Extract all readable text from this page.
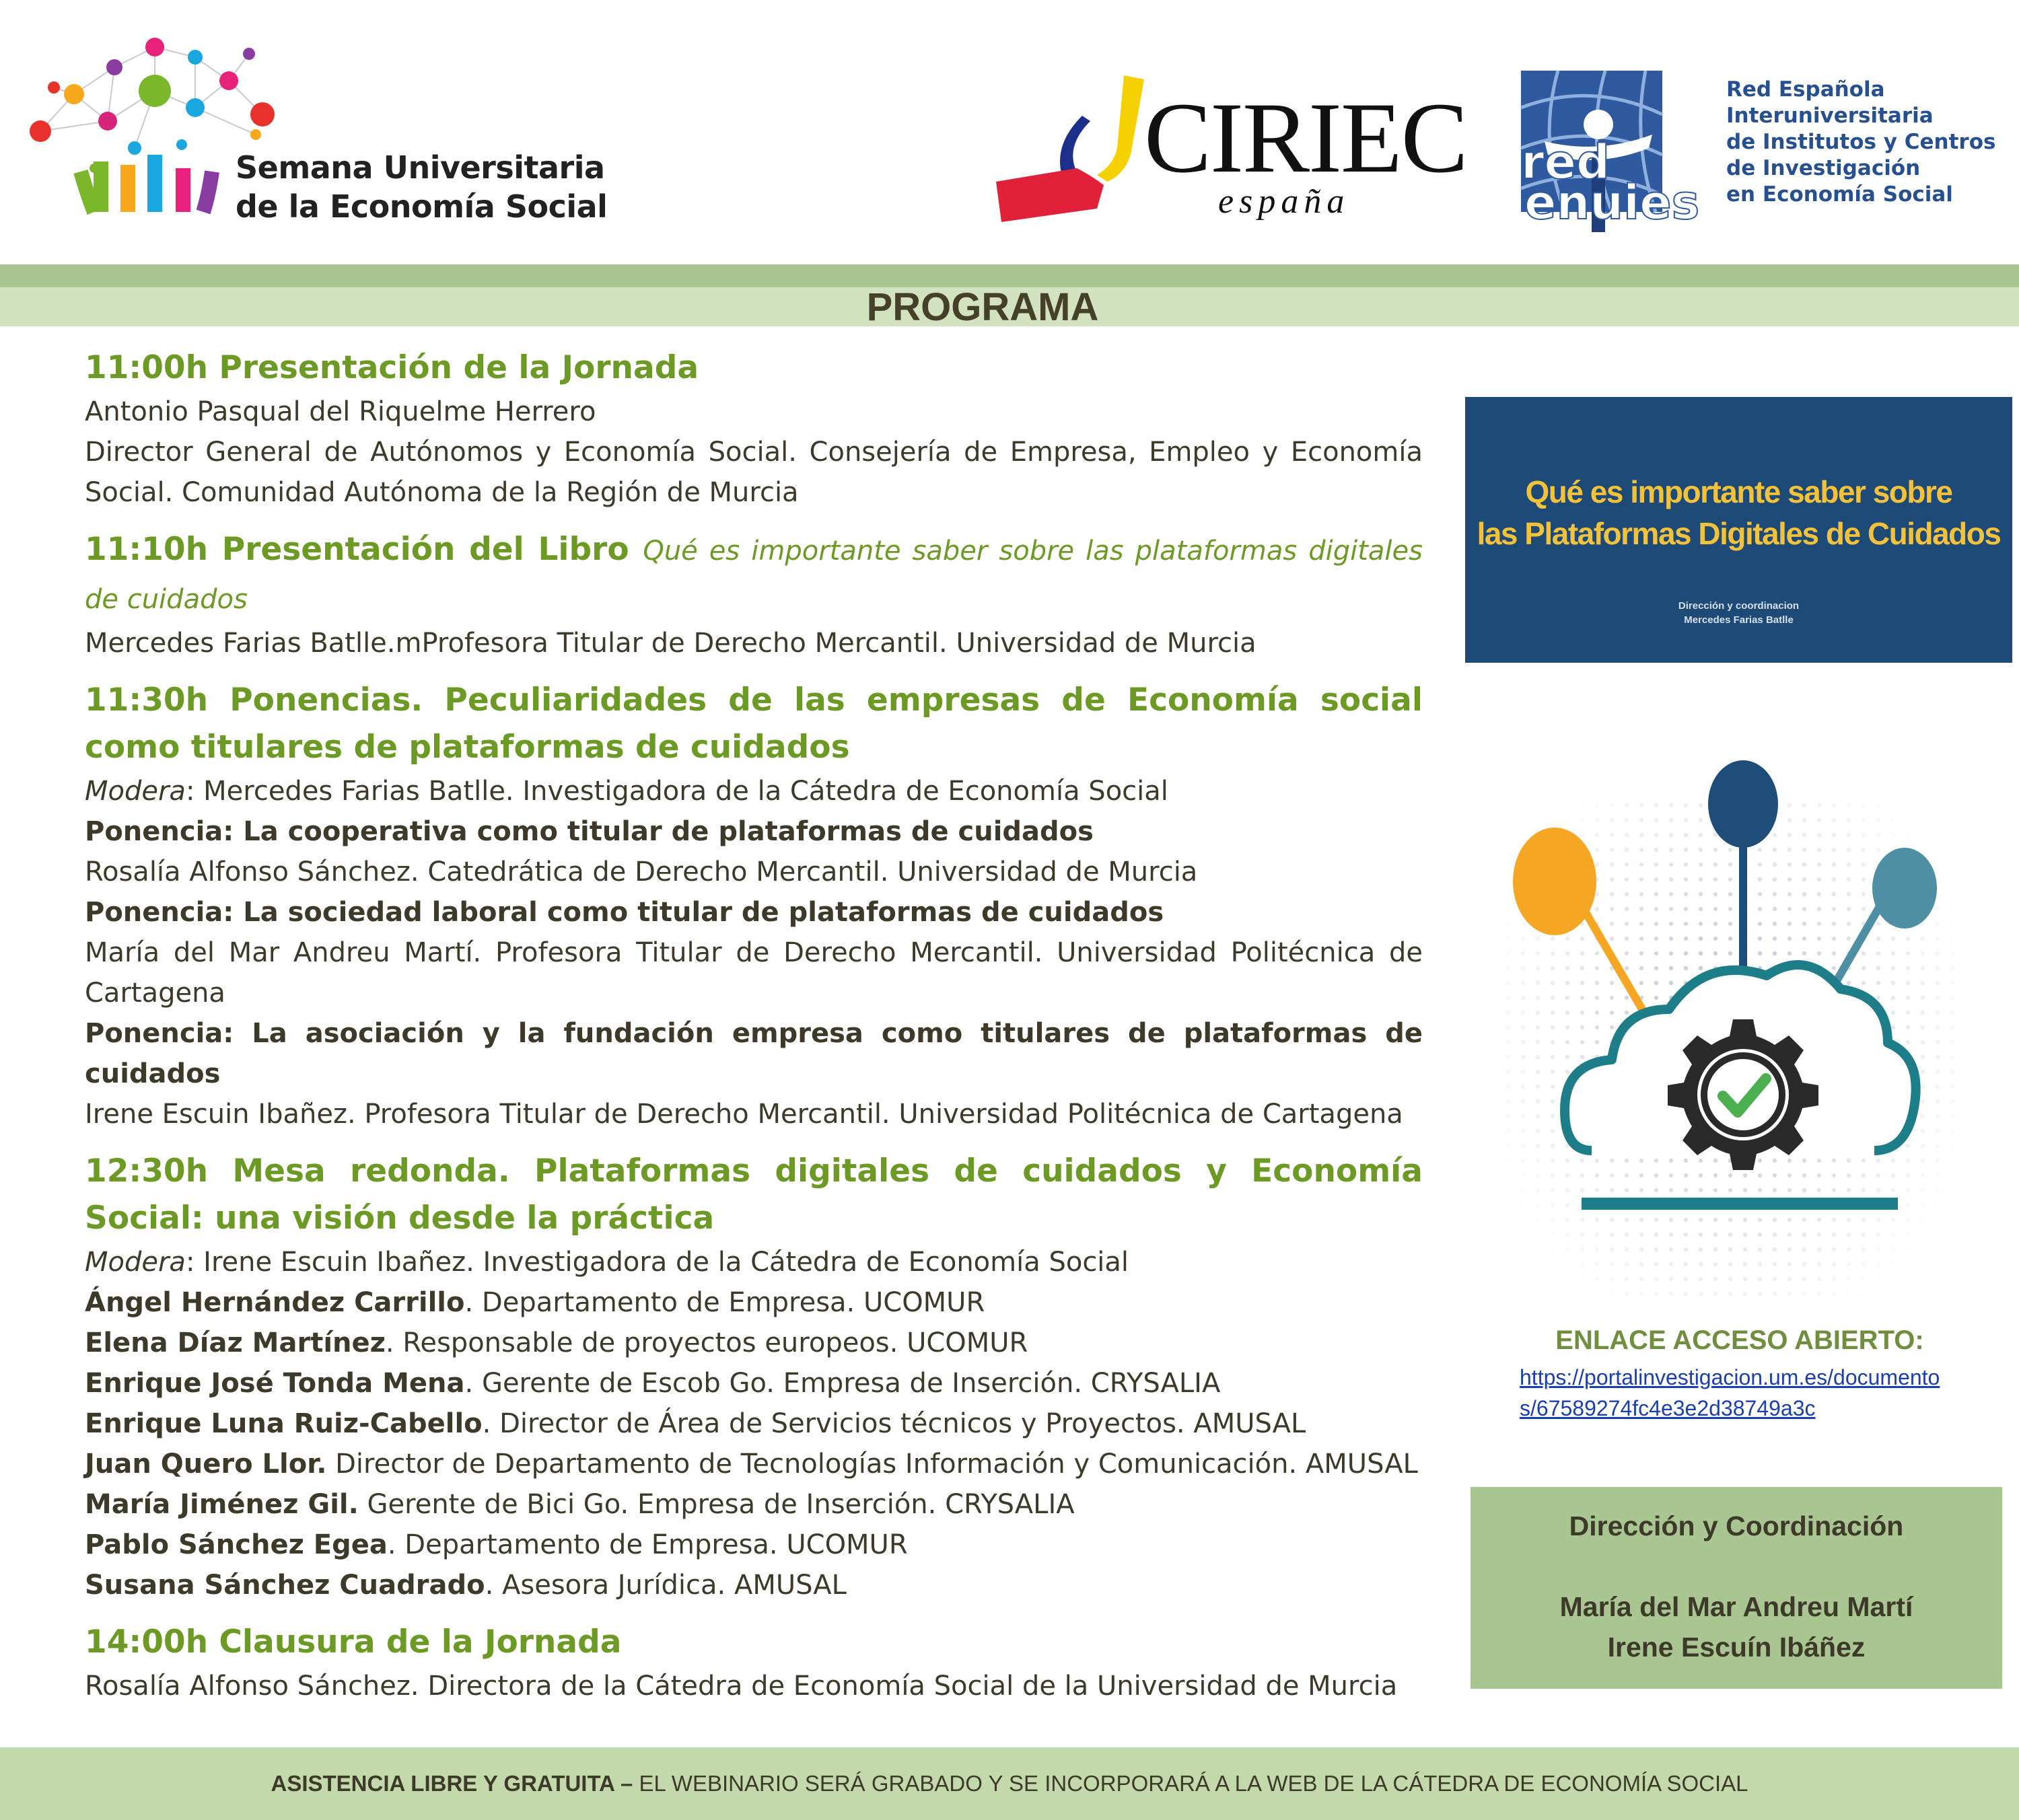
Semana Universitaria
de la Economía Social
CIRIEC
españa
red
enuies
Red Española
Interuniversitaria
de Institutos y Centros
de Investigación
en Economía Social
PROGRAMA
11:00h Presentación de la Jornada
Antonio Pasqual del Riquelme Herrero
Director General de Autónomos y Economía Social. Consejería de Empresa, Empleo y Economía Social. Comunidad Autónoma de la Región de Murcia
11:10h Presentación del Libro Qué es importante saber sobre las plataformas digitales de cuidados
Mercedes Farias Batlle.mProfesora Titular de Derecho Mercantil. Universidad de Murcia
11:30h Ponencias. Peculiaridades de las empresas de Economía social como titulares de plataformas de cuidados
Modera: Mercedes Farias Batlle. Investigadora de la Cátedra de Economía Social
Ponencia: La cooperativa como titular de plataformas de cuidados
Rosalía Alfonso Sánchez. Catedrática de Derecho Mercantil. Universidad de Murcia
Ponencia: La sociedad laboral como titular de plataformas de cuidados
María del Mar Andreu Martí. Profesora Titular de Derecho Mercantil. Universidad Politécnica de Cartagena
Ponencia: La asociación y la fundación empresa como titulares de plataformas de cuidados
Irene Escuin Ibañez. Profesora Titular de Derecho Mercantil. Universidad Politécnica de Cartagena
12:30h Mesa redonda. Plataformas digitales de cuidados y Economía Social: una visión desde la práctica
Modera: Irene Escuin Ibañez. Investigadora de la Cátedra de Economía Social
Ángel Hernández Carrillo. Departamento de Empresa. UCOMUR
Elena Díaz Martínez. Responsable de proyectos europeos. UCOMUR
Enrique José Tonda Mena. Gerente de Escob Go. Empresa de Inserción. CRYSALIA
Enrique Luna Ruiz-Cabello. Director de Área de Servicios técnicos y Proyectos. AMUSAL
Juan Quero Llor. Director de Departamento de Tecnologías Información y Comunicación. AMUSAL
María Jiménez Gil. Gerente de Bici Go. Empresa de Inserción. CRYSALIA
Pablo Sánchez Egea. Departamento de Empresa. UCOMUR
Susana Sánchez Cuadrado. Asesora Jurídica. AMUSAL
14:00h Clausura de la Jornada
Rosalía Alfonso Sánchez. Directora de la Cátedra de Economía Social de la Universidad de Murcia
Qué es importante saber sobre
las Plataformas Digitales de Cuidados
Dirección y coordinacion
Mercedes Farias Batlle
ENLACE ACCESO ABIERTO:
https://portalinvestigacion.um.es/documentos/67589274fc4e3e2d38749a3c
Dirección y Coordinación
María del Mar Andreu Martí
Irene Escuín Ibáñez
ASISTENCIA LIBRE Y GRATUITA – EL WEBINARIO SERÁ GRABADO Y SE INCORPORARÁ A LA WEB DE LA CÁTEDRA DE ECONOMÍA SOCIAL
